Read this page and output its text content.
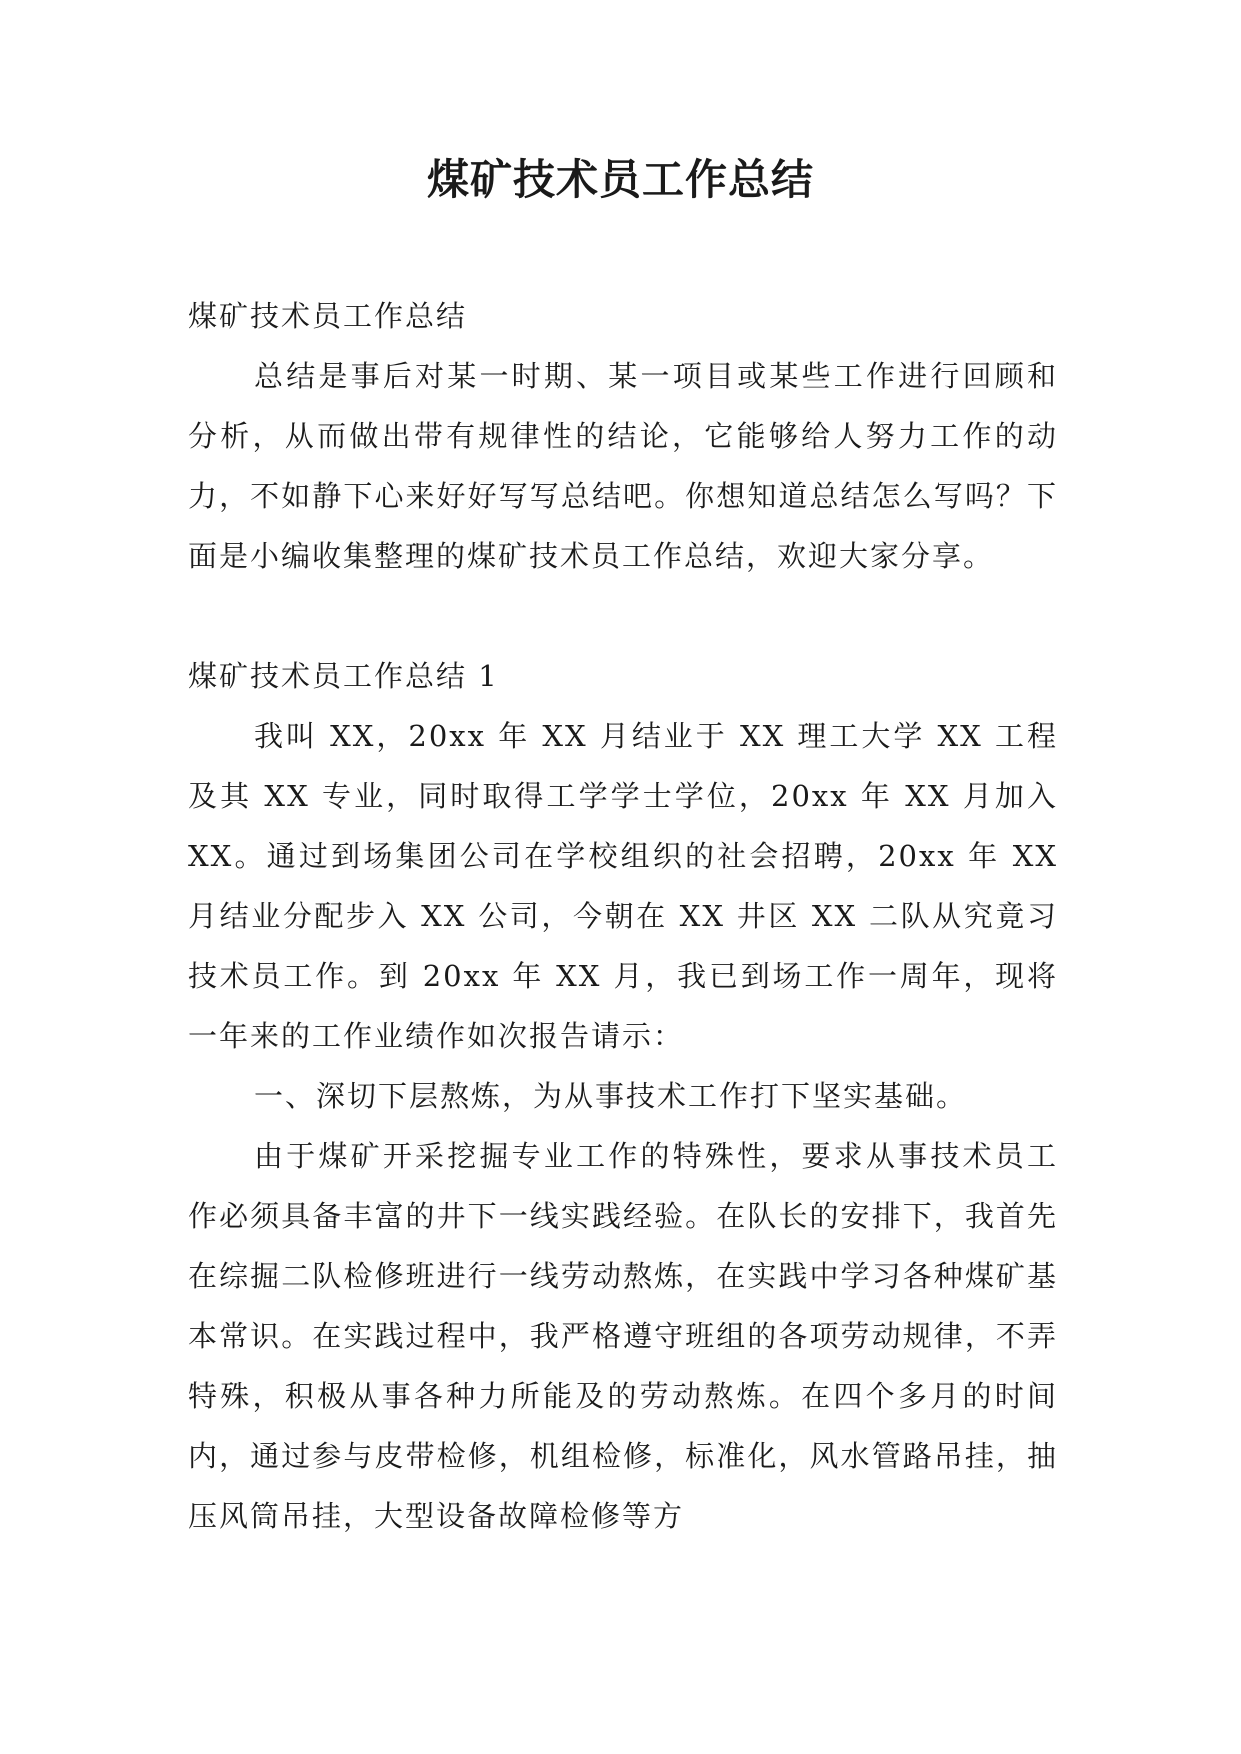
煤矿技术员工作总结

煤矿技术员工作总结

总结是事后对某一时期、某一项目或某些工作进行回顾和分析，从而做出带有规律性的结论，它能够给人努力工作的动力，不如静下心来好好写写总结吧。你想知道总结怎么写吗？下面是小编收集整理的煤矿技术员工作总结，欢迎大家分享。

煤矿技术员工作总结 1

我叫 XX，20xx 年 XX 月结业于 XX 理工大学 XX 工程及其 XX 专业，同时取得工学学士学位，20xx 年 XX 月加入 XX。通过到场集团公司在学校组织的社会招聘，20xx 年 XX 月结业分配步入 XX 公司，今朝在 XX 井区 XX 二队从究竟习技术员工作。到 20xx 年 XX 月，我已到场工作一周年，现将一年来的工作业绩作如次报告请示：

一、深切下层熬炼，为从事技术工作打下坚实基础。

由于煤矿开采挖掘专业工作的特殊性，要求从事技术员工作必须具备丰富的井下一线实践经验。在队长的安排下，我首先在综掘二队检修班进行一线劳动熬炼，在实践中学习各种煤矿基本常识。在实践过程中，我严格遵守班组的各项劳动规律，不弄特殊，积极从事各种力所能及的劳动熬炼。在四个多月的时间内，通过参与皮带检修，机组检修，标准化，风水管路吊挂，抽压风筒吊挂，大型设备故障检修等方
